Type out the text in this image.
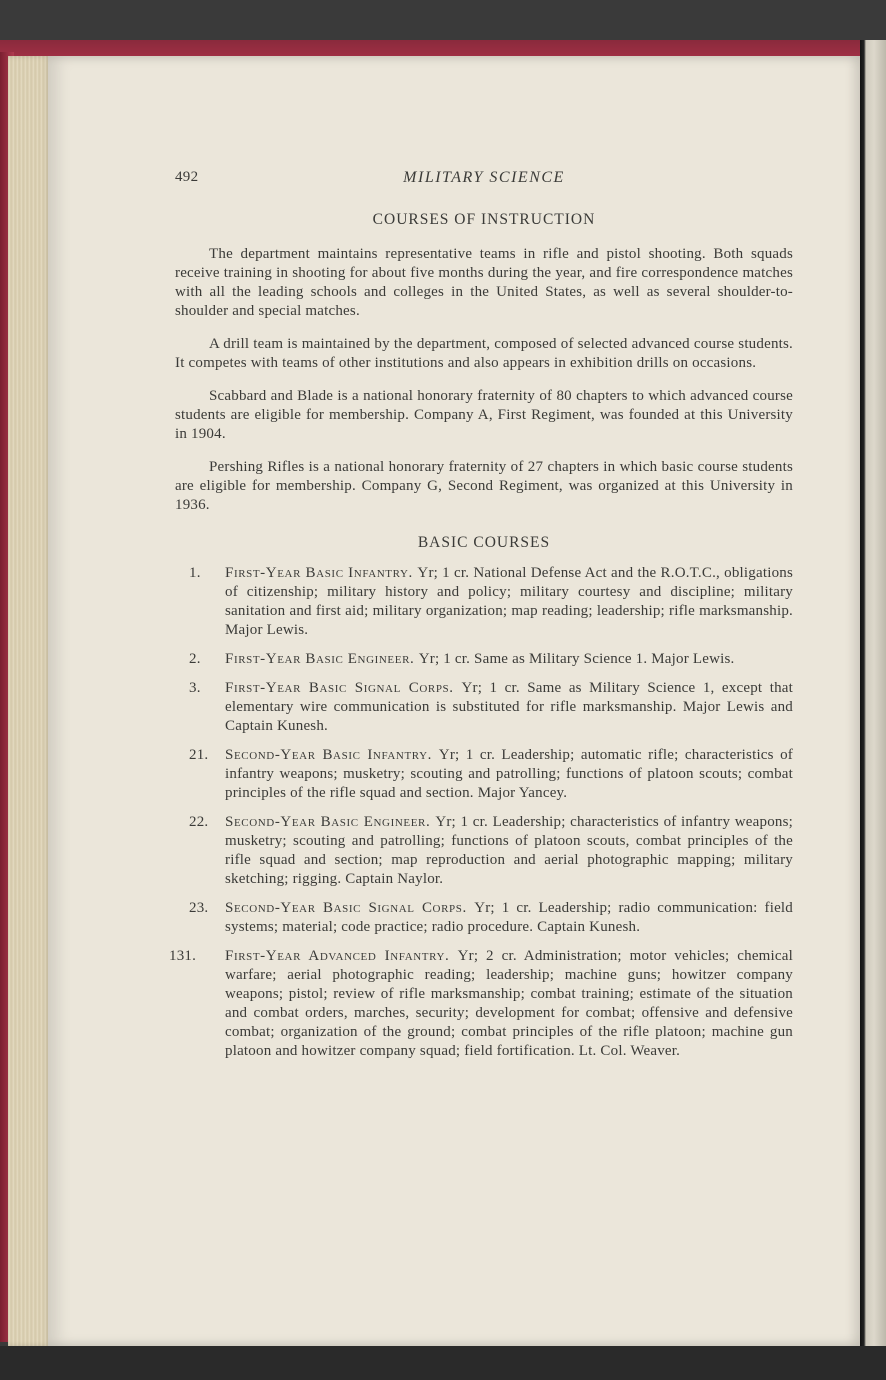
492	MILITARY SCIENCE
COURSES OF INSTRUCTION

The department maintains representative teams in rifle and pistol shooting. Both squads receive training in shooting for about five months during the year, and fire correspondence matches with all the leading schools and colleges in the United States, as well as several shoulder-to-shoulder and special matches.

A drill team is maintained by the department, composed of selected advanced course students. It competes with teams of other institutions and also appears in exhibition drills on occasions.

Scabbard and Blade is a national honorary fraternity of 80 chapters to which advanced course students are eligible for membership. Company A, First Regiment, was founded at this University in 1904.

Pershing Rifles is a national honorary fraternity of 27 chapters in which basic course students are eligible for membership. Company G, Second Regiment, was organized at this University in 1936.

BASIC COURSES
1.	First-Year Basic Infantry. Yr; 1 cr. National Defense Act and the R.O.T.C., obligations of citizenship; military history and policy; military courtesy and discipline; military sanitation and first aid; military organization; map reading; leadership; rifle marksmanship. Major Lewis.
2.	First-Year Basic Engineer. Yr; 1 cr. Same as Military Science 1. Major Lewis.
3.	First-Year Basic Signal Corps. Yr; 1 cr. Same as Military Science 1, except that elementary wire communication is substituted for rifle marksmanship. Major Lewis and Captain Kunesh.
21.	Second-Year Basic Infantry. Yr; 1 cr. Leadership; automatic rifle; characteristics of infantry weapons; musketry; scouting and patrolling; functions of platoon scouts; combat principles of the rifle squad and section. Major Yancey.
22.	Second-Year Basic Engineer. Yr; 1 cr. Leadership; characteristics of infantry weapons; musketry; scouting and patrolling; functions of platoon scouts, combat principles of the rifle squad and section; map reproduction and aerial photographic mapping; military sketching; rigging. Captain Naylor.
23.	Second-Year Basic Signal Corps. Yr; 1 cr. Leadership; radio communication: field systems; material; code practice; radio procedure. Captain Kunesh.
131.	First-Year Advanced Infantry. Yr; 2 cr. Administration; motor vehicles; chemical warfare; aerial photographic reading; leadership; machine guns; howitzer company weapons; pistol; review of rifle marksmanship; combat training; estimate of the situation and combat orders, marches, security; development for combat; offensive and defensive combat; organization of the ground; combat principles of the rifle platoon; machine gun platoon and howitzer company squad; field fortification. Lt. Col. Weaver.
